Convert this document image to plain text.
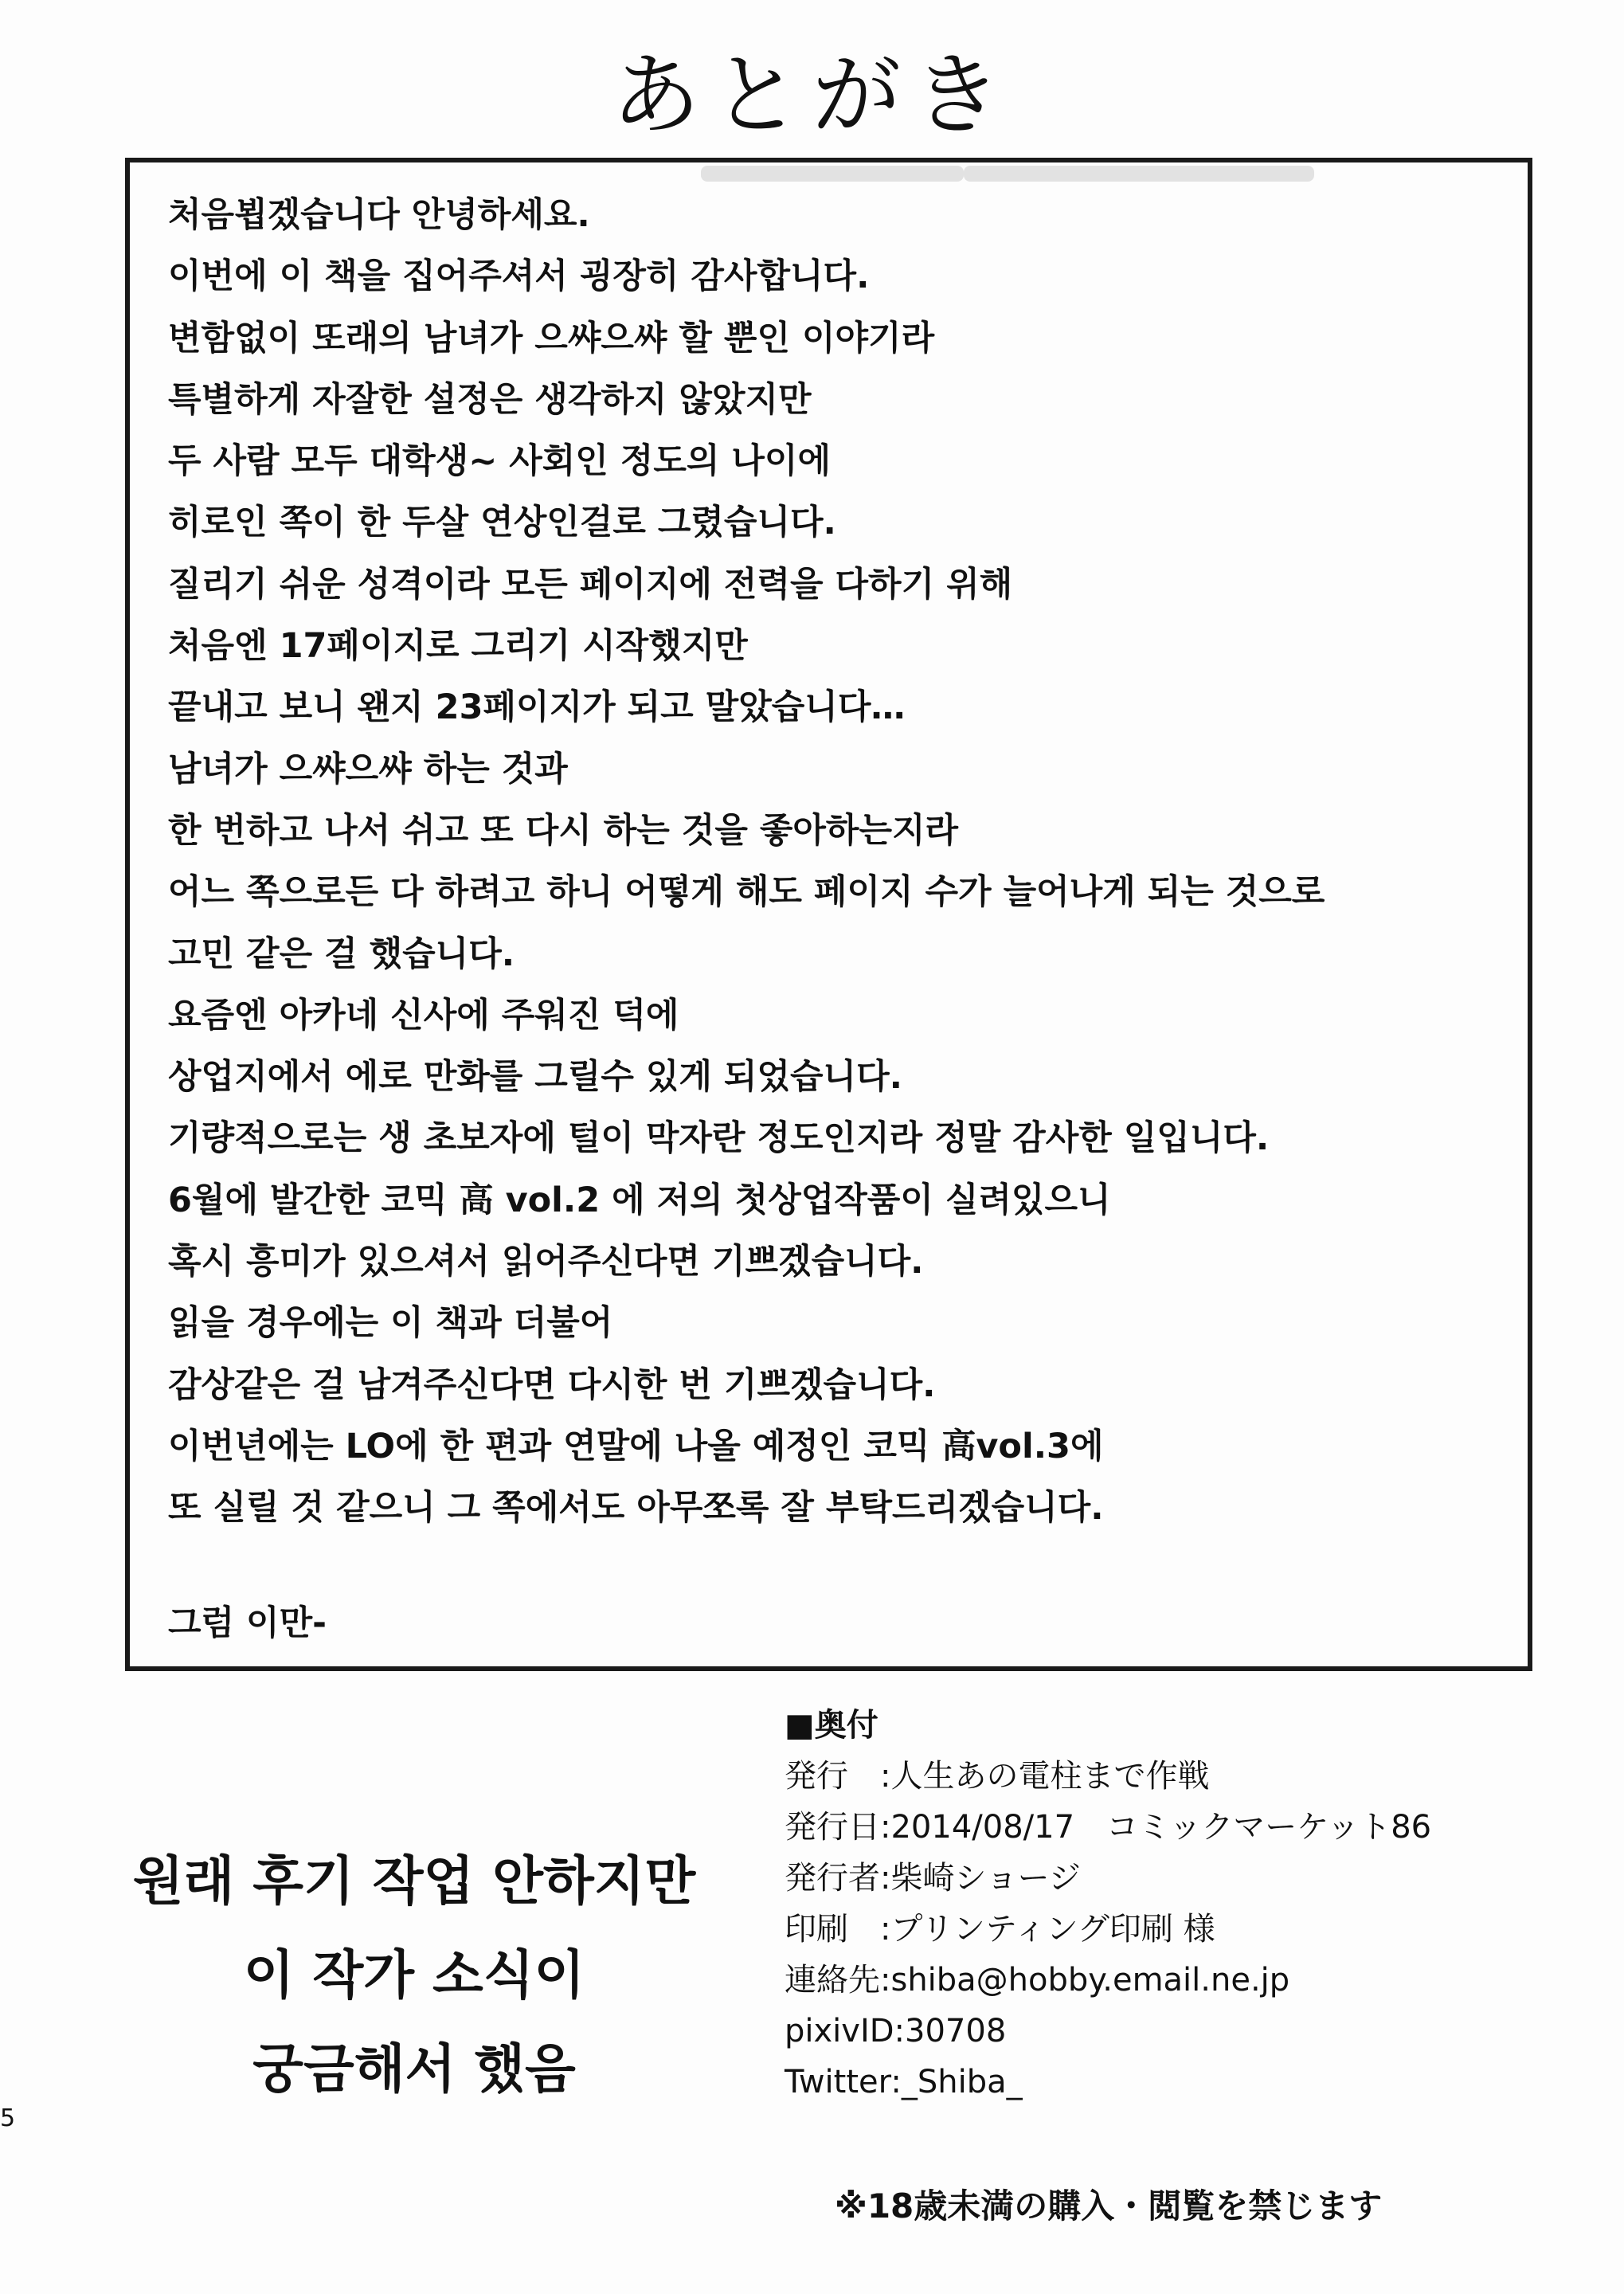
あとがき
처음뵙겠습니다 안녕하세요.
이번에 이 책을 집어주셔서 굉장히 감사합니다.
변함없이 또래의 남녀가 으쌰으쌰 할 뿐인 이야기라
특별하게 자잘한 설정은 생각하지 않았지만
두 사람 모두 대학생~ 사회인 정도의 나이에
히로인 쪽이 한 두살 연상인걸로 그렸습니다.
질리기 쉬운 성격이라 모든 페이지에 전력을 다하기 위해
처음엔 17페이지로 그리기 시작했지만
끝내고 보니 왠지 23페이지가 되고 말았습니다…
남녀가 으쌰으쌰 하는 것과
한 번하고 나서 쉬고 또 다시 하는 것을 좋아하는지라
어느 쪽으로든 다 하려고 하니 어떻게 해도 페이지 수가 늘어나게 되는 것으로
고민 같은 걸 했습니다.
요즘엔 아카네 신사에 주워진 덕에
상업지에서 에로 만화를 그릴수 있게 되었습니다.
기량적으로는 생 초보자에 털이 막자란 정도인지라 정말 감사한 일입니다.
6월에 발간한 코믹 高 vol.2 에 저의 첫상업작품이 실려있으니
혹시 흥미가 있으셔서 읽어주신다면 기쁘겠습니다.
읽을 경우에는 이 책과 더불어
감상같은 걸 남겨주신다면 다시한 번 기쁘겠습니다.
이번년에는 LO에 한 편과 연말에 나올 예정인 코믹 高vol.3에
또 실릴 것 같으니 그 쪽에서도 아무쪼록 잘 부탁드리겠습니다.
그럼 이만-
원래 후기 작업 안하지만
이 작가 소식이
궁금해서 했음
■奥付
発行　:人生あの電柱まで作戦
発行日:2014/08/17　コミックマーケット86
発行者:柴崎ショージ
印刷　:プリンティング印刷 様
連絡先:shiba@hobby.email.ne.jp
pixivID:30708
Twitter:_Shiba_
※18歳未満の購入・閲覧を禁じます
5
